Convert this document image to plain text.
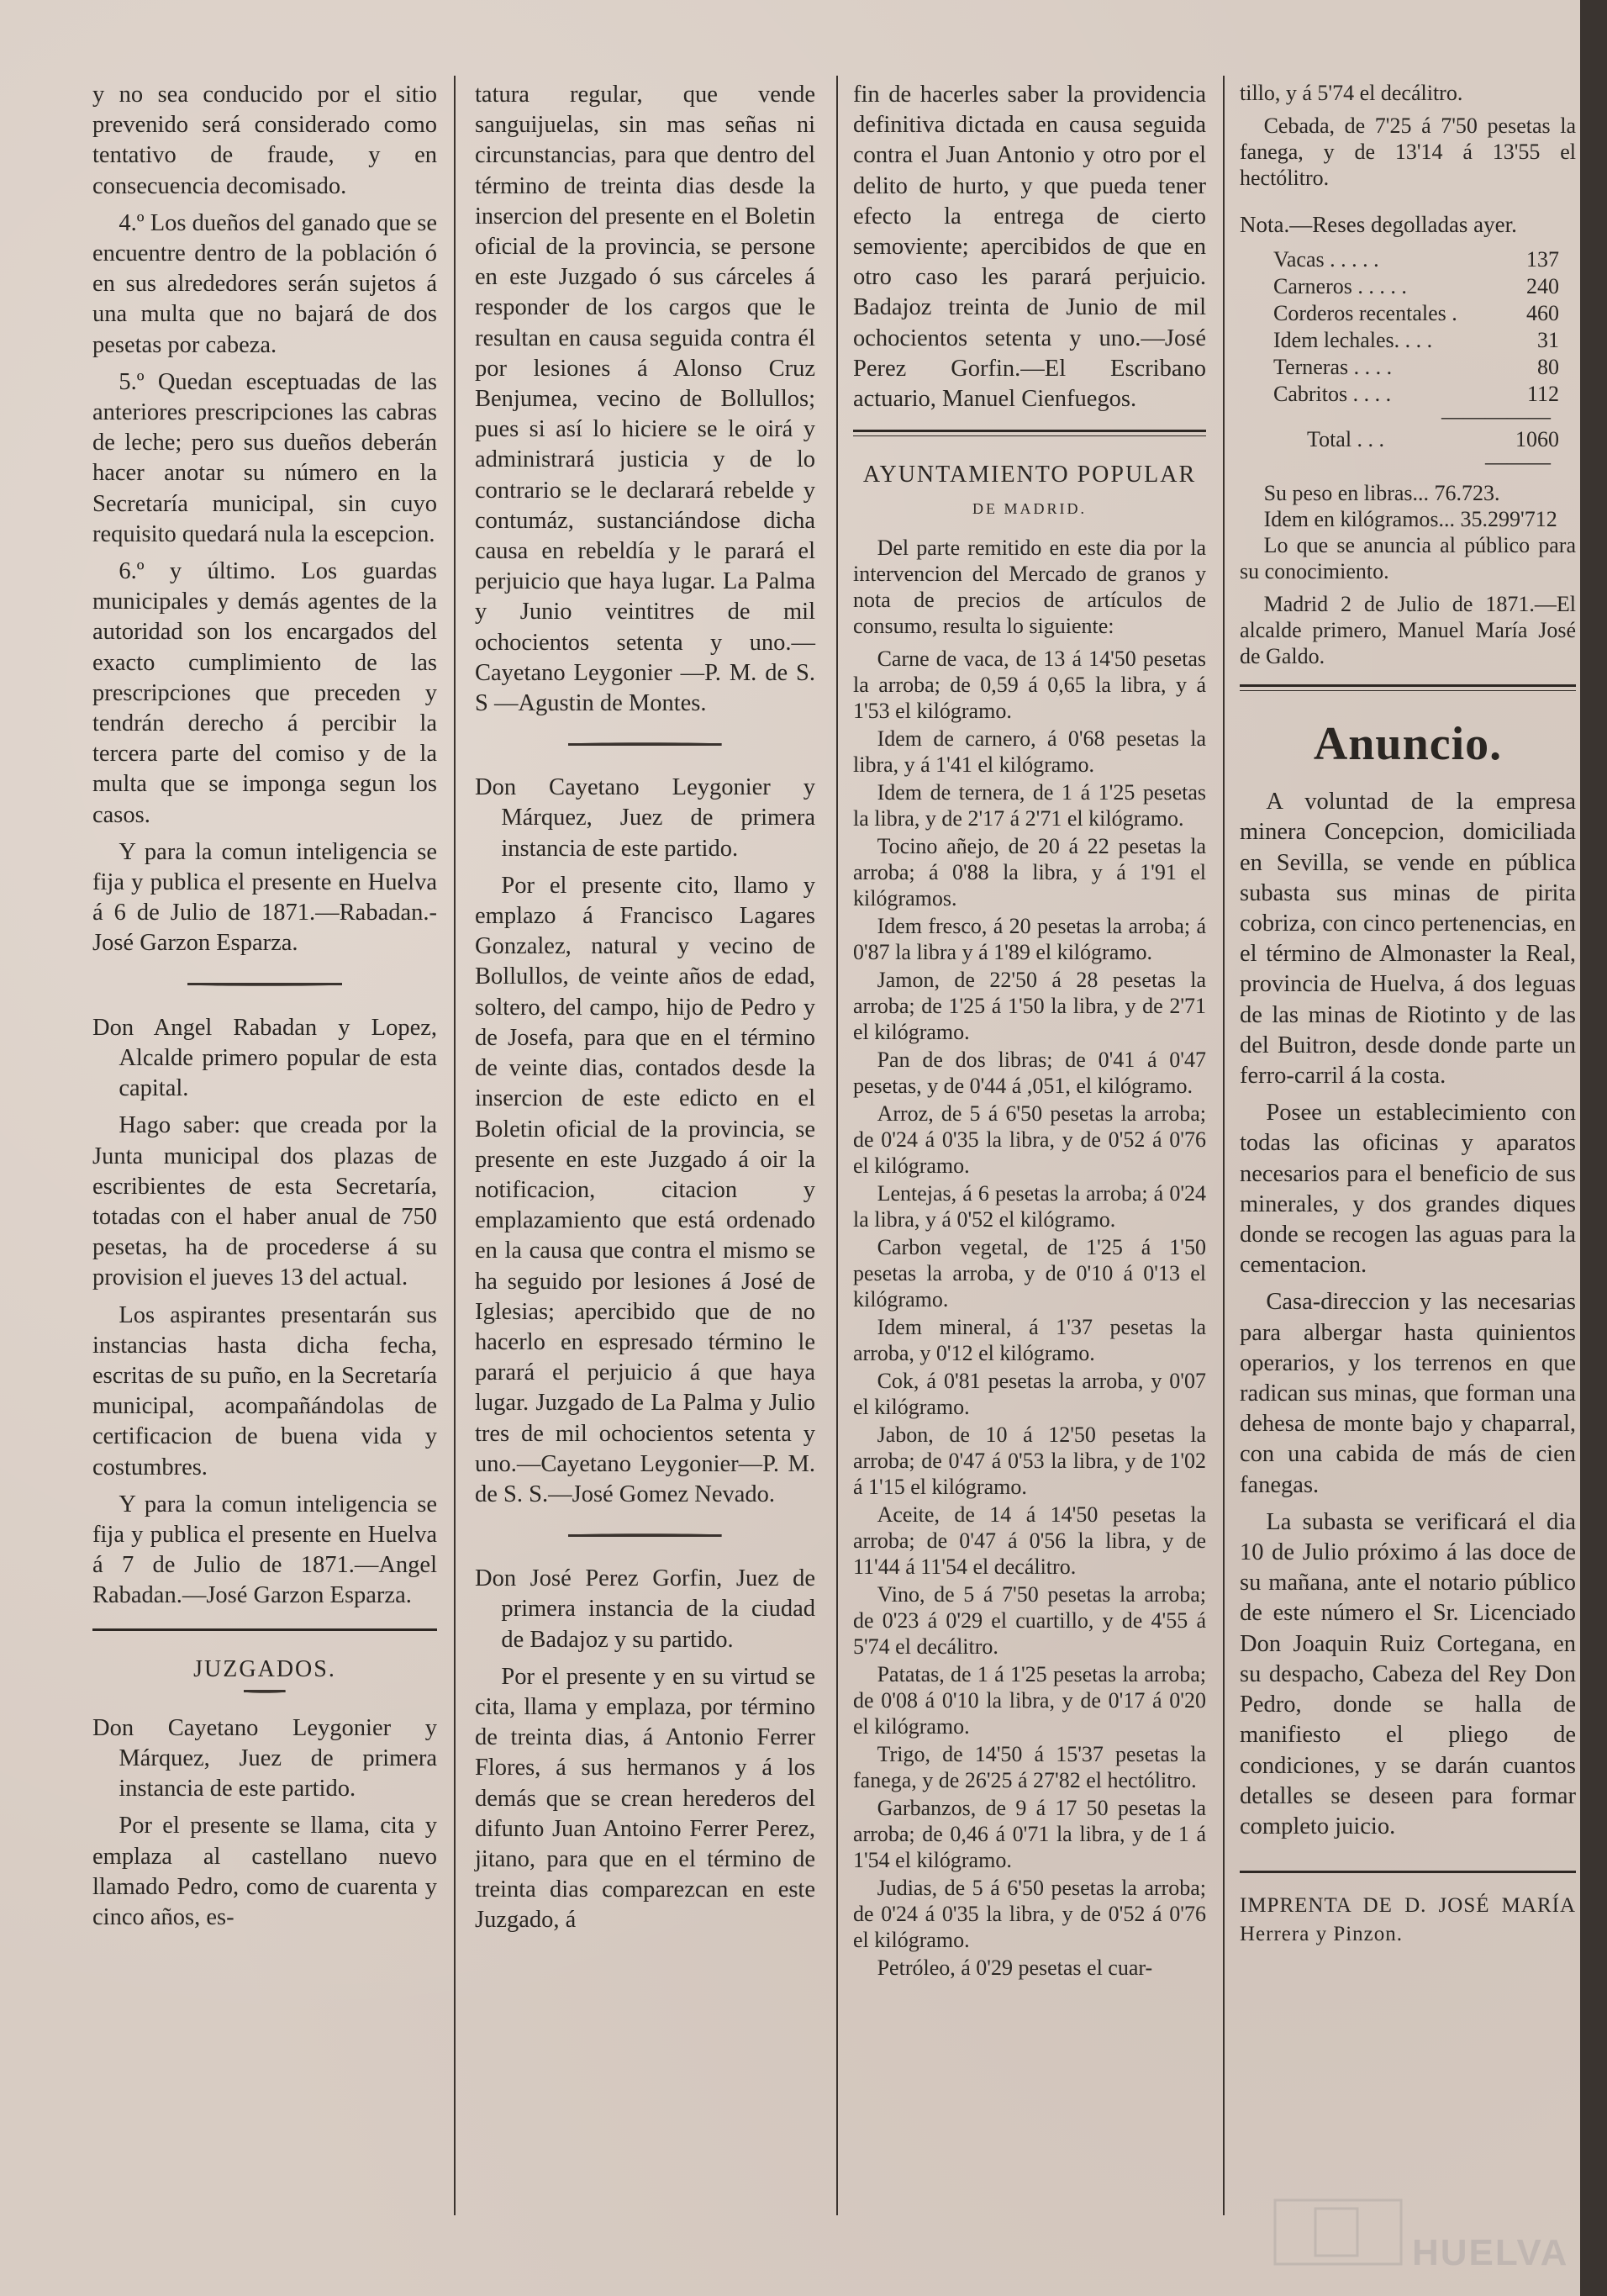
y no sea conducido por el sitio prevenido será considerado como tentativo de fraude, y en consecuencia decomisado.

4.º Los dueños del ganado que se encuentre dentro de la población ó en sus alrededores serán sujetos á una multa que no bajará de dos pesetas por cabeza.

5.º Quedan esceptuadas de las anteriores prescripciones las cabras de leche; pero sus dueños deberán hacer anotar su número en la Secretaría municipal, sin cuyo requisito quedará nula la escepcion.

6.º y último. Los guardas municipales y demás agentes de la autoridad son los encargados del exacto cumplimiento de las prescripciones que preceden y tendrán derecho á percibir la tercera parte del comiso y de la multa que se imponga segun los casos.

Y para la comun inteligencia se fija y publica el presente en Huelva á 6 de Julio de 1871.—Rabadan.-José Garzon Esparza.

Don Angel Rabadan y Lopez, Alcalde primero popular de esta capital.

Hago saber: que creada por la Junta municipal dos plazas de escribientes de esta Secretaría, totadas con el haber anual de 750 pesetas, ha de procederse á su provision el jueves 13 del actual.

Los aspirantes presentarán sus instancias hasta dicha fecha, escritas de su puño, en la Secretaría municipal, acompañándolas de certificacion de buena vida y costumbres.

Y para la comun inteligencia se fija y publica el presente en Huelva á 7 de Julio de 1871.—Angel Rabadan.—José Garzon Esparza.

JUZGADOS.

Don Cayetano Leygonier y Márquez, Juez de primera instancia de este partido.

Por el presente se llama, cita y emplaza al castellano nuevo llamado Pedro, como de cuarenta y cinco años, es-

tatura regular, que vende sanguijuelas, sin mas señas ni circunstancias, para que dentro del término de treinta dias desde la insercion del presente en el Boletin oficial de la provincia, se persone en este Juzgado ó sus cárceles á responder de los cargos que le resultan en causa seguida contra él por lesiones á Alonso Cruz Benjumea, vecino de Bollullos; pues si así lo hiciere se le oirá y administrará justicia y de lo contrario se le declarará rebelde y contumáz, sustanciándose dicha causa en rebeldía y le parará el perjuicio que haya lugar. La Palma y Junio veintitres de mil ochocientos setenta y uno.—Cayetano Leygonier —P. M. de S. S —Agustin de Montes.

Don Cayetano Leygonier y Márquez, Juez de primera instancia de este partido.

Por el presente cito, llamo y emplazo á Francisco Lagares Gonzalez, natural y vecino de Bollullos, de veinte años de edad, soltero, del campo, hijo de Pedro y de Josefa, para que en el término de veinte dias, contados desde la insercion de este edicto en el Boletin oficial de la provincia, se presente en este Juzgado á oir la notificacion, citacion y emplazamiento que está ordenado en la causa que contra el mismo se ha seguido por lesiones á José de Iglesias; apercibido que de no hacerlo en espresado término le parará el perjuicio á que haya lugar. Juzgado de La Palma y Julio tres de mil ochocientos setenta y uno.—Cayetano Leygonier—P. M. de S. S.—José Gomez Nevado.

Don José Perez Gorfin, Juez de primera instancia de la ciudad de Badajoz y su partido.

Por el presente y en su virtud se cita, llama y emplaza, por término de treinta dias, á Antonio Ferrer Flores, á sus hermanos y á los demás que se crean herederos del difunto Juan Antoino Ferrer Perez, jitano, para que en el término de treinta dias comparezcan en este Juzgado, á

fin de hacerles saber la providencia definitiva dictada en causa seguida contra el Juan Antonio y otro por el delito de hurto, y que pueda tener efecto la entrega de cierto semoviente; apercibidos de que en otro caso les parará perjuicio. Badajoz treinta de Junio de mil ochocientos setenta y uno.—José Perez Gorfin.—El Escribano actuario, Manuel Cienfuegos.

AYUNTAMIENTO POPULAR
DE MADRID.

Del parte remitido en este dia por la intervencion del Mercado de granos y nota de precios de artículos de consumo, resulta lo siguiente:

Carne de vaca, de 13 á 14'50 pesetas la arroba; de 0,59 á 0,65 la libra, y á 1'53 el kilógramo.

Idem de carnero, á 0'68 pesetas la libra, y á 1'41 el kilógramo.

Idem de ternera, de 1 á 1'25 pesetas la libra, y de 2'17 á 2'71 el kilógramo.

Tocino añejo, de 20 á 22 pesetas la arroba; á 0'88 la libra, y á 1'91 el kilógramos.

Idem fresco, á 20 pesetas la arroba; á 0'87 la libra y á 1'89 el kilógramo.

Jamon, de 22'50 á 28 pesetas la arroba; de 1'25 á 1'50 la libra, y de 2'71 el kilógramo.

Pan de dos libras; de 0'41 á 0'47 pesetas, y de 0'44 á ,051, el kilógramo.

Arroz, de 5 á 6'50 pesetas la arroba; de 0'24 á 0'35 la libra, y de 0'52 á 0'76 el kilógramo.

Lentejas, á 6 pesetas la arroba; á 0'24 la libra, y á 0'52 el kilógramo.

Carbon vegetal, de 1'25 á 1'50 pesetas la arroba, y de 0'10 á 0'13 el kilógramo.

Idem mineral, á 1'37 pesetas la arroba, y 0'12 el kilógramo.

Cok, á 0'81 pesetas la arroba, y 0'07 el kilógramo.

Jabon, de 10 á 12'50 pesetas la arroba; de 0'47 á 0'53 la libra, y de 1'02 á 1'15 el kilógramo.

Aceite, de 14 á 14'50 pesetas la arroba; de 0'47 á 0'56 la libra, y de 11'44 á 11'54 el decálitro.

Vino, de 5 á 7'50 pesetas la arroba; de 0'23 á 0'29 el cuartillo, y de 4'55 á 5'74 el decálitro.

Patatas, de 1 á 1'25 pesetas la arroba; de 0'08 á 0'10 la libra, y de 0'17 á 0'20 el kilógramo.

Trigo, de 14'50 á 15'37 pesetas la fanega, y de 26'25 á 27'82 el hectólitro.

Garbanzos, de 9 á 17 50 pesetas la arroba; de 0,46 á 0'71 la libra, y de 1 á 1'54 el kilógramo.

Judias, de 5 á 6'50 pesetas la arroba; de 0'24 á 0'35 la libra, y de 0'52 á 0'76 el kilógramo.

Petróleo, á 0'29 pesetas el cuar-

tillo, y á 5'74 el decálitro.

Cebada, de 7'25 á 7'50 pesetas la fanega, y de 13'14 á 13'55 el hectólitro.

Nota.—Reses degolladas ayer.

Vacas . . . . .	137
Carneros . . . . .	240
Corderos recentales .	460
Idem lechales. . . .	31
Terneras . . . .	80
Cabritos . . . .	112
—————
Total . . .	1060
———

Su peso en libras... 76.723.

Idem en kilógramos... 35.299'712

Lo que se anuncia al público para su conocimiento.

Madrid 2 de Julio de 1871.—El alcalde primero, Manuel María José de Galdo.

Anuncio.

A voluntad de la empresa minera Concepcion, domiciliada en Sevilla, se vende en pública subasta sus minas de pirita cobriza, con cinco pertenencias, en el término de Almonaster la Real, provincia de Huelva, á dos leguas de las minas de Riotinto y de las del Buitron, desde donde parte un ferro-carril á la costa.

Posee un establecimiento con todas las oficinas y aparatos necesarios para el beneficio de sus minerales, y dos grandes diques donde se recogen las aguas para la cementacion.

Casa-direccion y las necesarias para albergar hasta quinientos operarios, y los terrenos en que radican sus minas, que forman una dehesa de monte bajo y chaparral, con una cabida de más de cien fanegas.

La subasta se verificará el dia 10 de Julio próximo á las doce de su mañana, ante el notario público de este número el Sr. Licenciado Don Joaquin Ruiz Cortegana, en su despacho, Cabeza del Rey Don Pedro, donde se halla de manifiesto el pliego de condiciones, y se darán cuantos detalles se deseen para formar completo juicio.

IMPRENTA DE D. JOSÉ MARÍA Herrera y Pinzon.

HUELVA
